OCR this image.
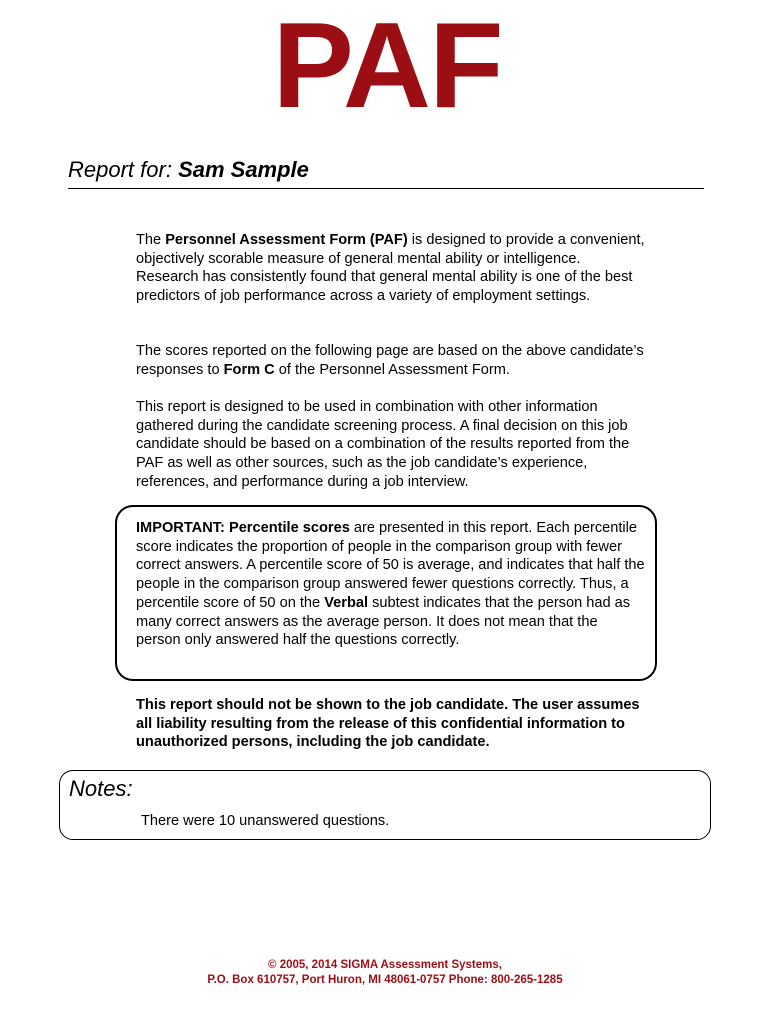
PAF
Report for: Sam Sample

The Personnel Assessment Form (PAF) is designed to provide a convenient, objectively scorable measure of general mental ability or intelligence. Research has consistently found that general mental ability is one of the best predictors of job performance across a variety of employment settings.

The scores reported on the following page are based on the above candidate’s responses to Form C of the Personnel Assessment Form.

This report is designed to be used in combination with other information gathered during the candidate screening process. A final decision on this job candidate should be based on a combination of the results reported from the PAF as well as other sources, such as the job candidate’s experience, references, and performance during a job interview.

IMPORTANT: Percentile scores are presented in this report. Each percentile score indicates the proportion of people in the comparison group with fewer correct answers. A percentile score of 50 is average, and indicates that half the people in the comparison group answered fewer questions correctly. Thus, a percentile score of 50 on the Verbal subtest indicates that the person had as many correct answers as the average person. It does not mean that the person only answered half the questions correctly.

This report should not be shown to the job candidate. The user assumes all liability resulting from the release of this confidential information to unauthorized persons, including the job candidate.

Notes:
There were 10 unanswered questions.
© 2005, 2014 SIGMA Assessment Systems,
P.O. Box 610757, Port Huron, MI 48061-0757 Phone: 800-265-1285
